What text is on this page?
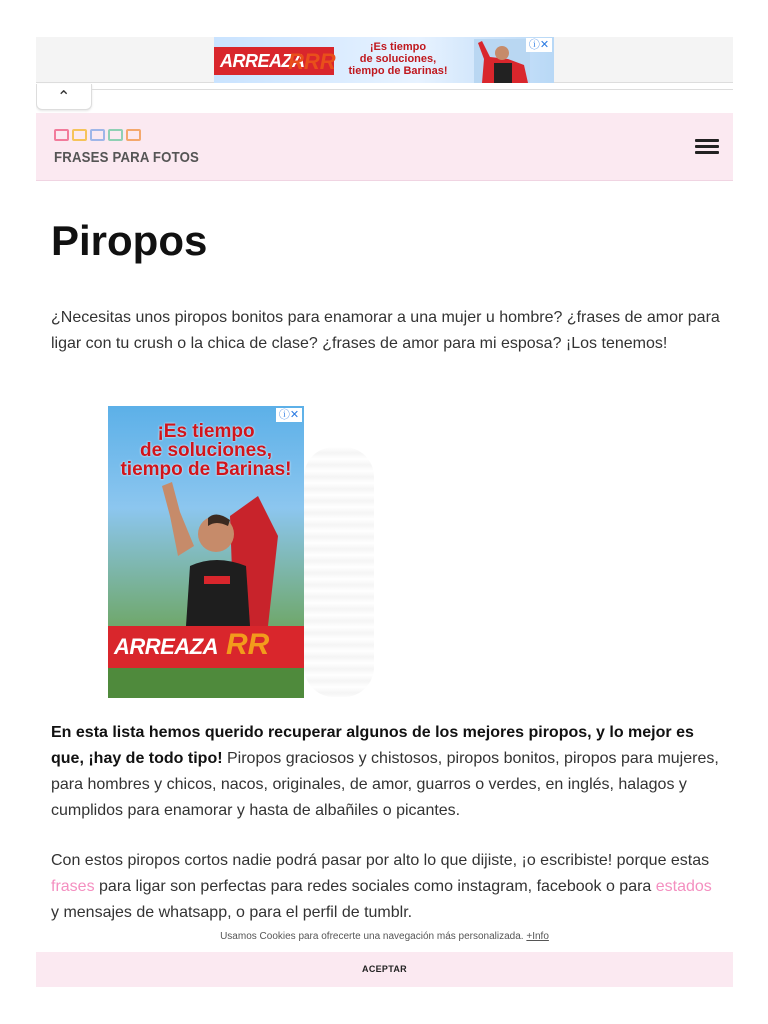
ARREAZA
RRR
¡Es tiempo
de soluciones,
tiempo de Barinas!
ⓘ✕
⌃
FRASES PARA FOTOS
Piropos

¿Necesitas unos piropos bonitos para enamorar a una mujer u hombre? ¿frases de amor para ligar con tu crush o la chica de clase? ¿frases de amor para mi esposa? ¡Los tenemos!

¡Es tiempo
de soluciones,
tiempo de Barinas!
ARREAZA RR
ⓘ✕

En esta lista hemos querido recuperar algunos de los mejores piropos, y lo mejor es que, ¡hay de todo tipo! Piropos graciosos y chistosos, piropos bonitos, piropos para mujeres, para hombres y chicos, nacos, originales, de amor, guarros o verdes, en inglés, halagos y cumplidos para enamorar y hasta de albañiles o picantes.

Con estos piropos cortos nadie podrá pasar por alto lo que dijiste, ¡o escribiste! porque estas frases para ligar son perfectas para redes sociales como instagram, facebook o para estados y mensajes de whatsapp, o para el perfil de tumblr.

Usamos Cookies para ofrecerte una navegación más personalizada. +Info
ACEPTAR
